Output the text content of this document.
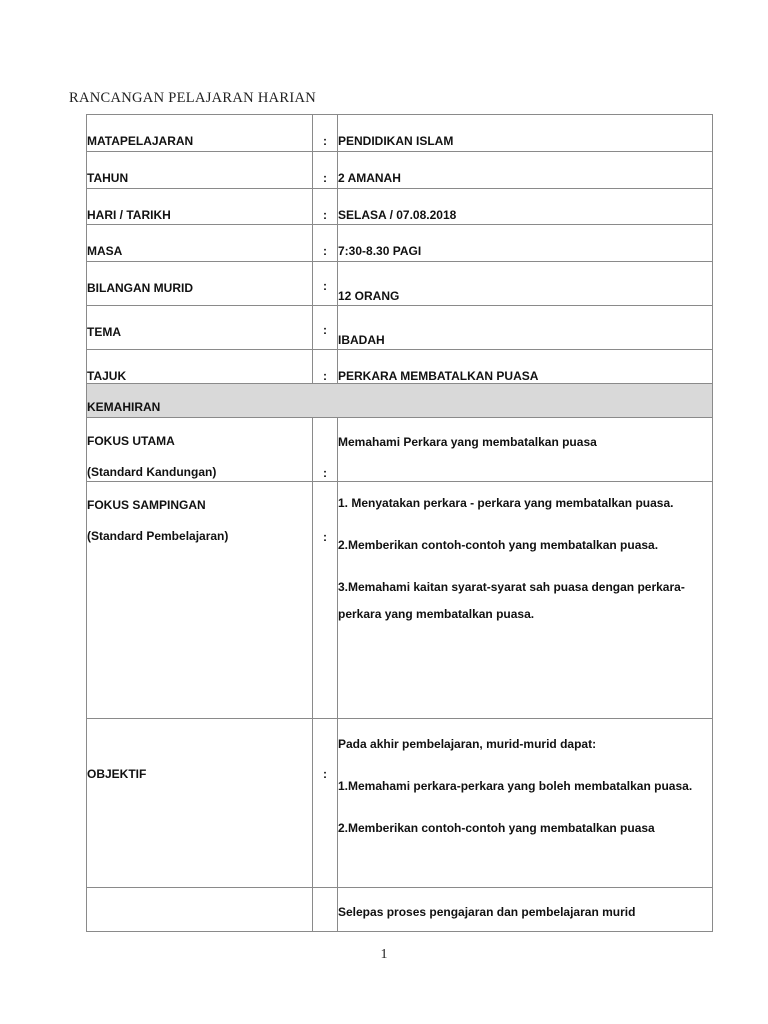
RANCANGAN PELAJARAN HARIAN
MATAPELAJARAN	:	PENDIDIKAN ISLAM

TAHUN	:	2 AMANAH

HARI / TARIKH	:	SELASA / 07.08.2018

MASA	:	7:30-8.30 PAGI

BILANGAN MURID	:	12 ORANG

TEMA	:	IBADAH

TAJUK	:	PERKARA MEMBATALKAN PUASA

KEMAHIRAN		

FOKUS UTAMA
(Standard Kandungan)	:	Memahami Perkara yang membatalkan puasa

FOKUS SAMPINGAN
(Standard Pembelajaran)	:	1. Menyatakan perkara - perkara yang membatalkan puasa.
2.Memberikan contoh-contoh yang membatalkan puasa.
3.Memahami kaitan syarat-syarat sah puasa dengan perkara-perkara yang membatalkan puasa.

OBJEKTIF	:	Pada akhir pembelajaran, murid-murid dapat:
1.Memahami perkara-perkara yang boleh membatalkan puasa.
2.Memberikan contoh-contoh yang membatalkan puasa

		Selepas proses pengajaran dan pembelajaran murid
1
